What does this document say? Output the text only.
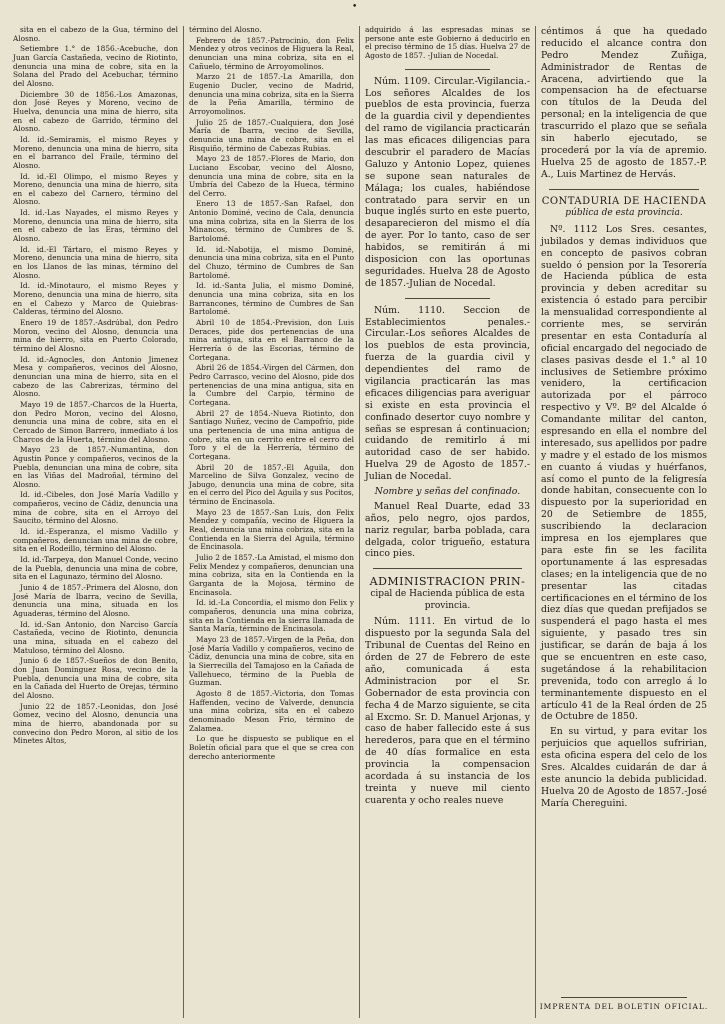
•

sita en el cabezo de la Gua, término del Alosno.

Setiembre 1.° de 1856.-Acebuche, don Juan García Castañeda, vecino de Riotinto, denuncia una mina de cobre, sita en la Solana del Prado del Acebuchar, término del Alosno.

Diciembre 30 de 1856.-Los Amazonas, don José Reyes y Moreno, vecino de Huelva, denuncia una mina de hierro, sita en el cabezo de Garrido, término del Alosno.

Id. id.-Semiramis, el mismo Reyes y Moreno, denuncia una mina de hierro, sita en el barranco del Fraile, término del Alosno.

Id. id.-El Olimpo, el mismo Reyes y Moreno, denuncia una mina de hierro, sita en el cabezo del Carnero, término del Alosno.

Id. id.-Las Nayades, el mismo Reyes y Moreno, denuncia una mina de hierro, sita en el cabezo de las Eras, término del Alosno.

Id. id.-El Tártaro, el mismo Reyes y Moreno, denuncia una mina de hierro, sita en los Llanos de las minas, término del Alosno.

Id. id.-Minotauro, el mismo Reyes y Moreno, denuncia una mina de hierro, sita en el Cabezo y Marco de Quiebras-Calderas, término del Alosno.

Enero 19 de 1857.-Asdrúbal, don Pedro Moron, vecino del Alosno, denuncia una mina de hierro, sita en Puerto Colorado, término del Alosno.

Id. id.-Agnocles, don Antonio Jimenez Mesa y compañeros, vecinos del Alosno, denuncian una mina de hierro, sita en el cabezo de las Cabrerizas, término del Alosno.

Mayo 19 de 1857.-Charcos de la Huerta, don Pedro Moron, vecino del Alosno, denuncia una mina de cobre, sita en el Cercado de Simon Barrero, inmediato á los Charcos de la Huerta, término del Alosno.

Mayo 23 de 1857.-Numantina, don Agustin Ponce y compañeros, vecinos de la Puebla, denuncian una mina de cobre, sita en las Viñas del Madroñal, término del Alosno.

Id. id.-Cibeles, don José María Vadillo y compañeros, vecino de Cádiz, denuncia una mina de cobre, sita en el Arroyo del Saucito, término del Alosno.

Id. id.-Esperanza, el mismo Vadillo y compañeros, denuncian una mina de cobre, sita en el Rodeillo, término del Alosno.

Id. id.-Tarpeya, don Manuel Conde, vecino de la Puebla, denuncia una mina de cobre, sita en el Lagunazo, término del Alosno.

Junio 4 de 1857.-Primera del Alosno, don José María de Ibarra, vecino de Sevilla, denuncia una mina, situada en los Aguaderas, término del Alosno.

Id. id.-San Antonio, don Narciso García Castañeda, vecino de Riotinto, denuncia una mina, situada en el cabezo del Matuloso, término del Alosno.

Junio 6 de 1857.-Sueños de don Benito, don Juan Dominguez Rosa, vecino de la Puebla, denuncia una mina de cobre, sita en la Cañada del Huerto de Orejas, término del Alosno.

Junio 22 de 1857.-Leonidas, don José Gomez, vecino del Alosno, denuncia una mina de hierro, abandonada por su convecino don Pedro Moron, al sitio de los Minetes Altos,

término del Alosno.

Febrero de 1857.-Patrocinio, don Felix Mendez y otros vecinos de Higuera la Real, denuncian una mina cobriza, sita en el Cañuelo, término de Arroyomolinos.

Marzo 21 de 1857.-La Amarilla, don Eugenio Ducler, vecino de Madrid, denuncia una mina cobriza, sita en la Sierra de la Peña Amarilla, término de Arroyomolinos.

Julio 25 de 1857.-Cualquiera, don José María de Ibarra, vecino de Sevilla, denuncia una mina de cobre, sita en el Risquiño, término de Cabezas Rubias.

Mayo 23 de 1857.-Flores de Mario, don Luciano Escobar, vecino del Alosno, denuncia una mina de cobre, sita en la Umbría del Cabezo de la Hueca, término del Cerro.

Enero 13 de 1857.-San Rafael, don Antonio Dominé, vecino de Cala, denuncia una mina cobriza, sita en la Sierra de los Minancos, término de Cumbres de S. Bartolomé.

Id. id.-Nabotija, el mismo Dominé, denuncia una mina cobriza, sita en el Punto del Chuzo, término de Cumbres de San Bartolomé.

Id. id.-Santa Julia, el mismo Dominé, denuncia una mina cobriza, sita en los Barrancones, término de Cumbres de San Bartolomé.

Abril 10 de 1854.-Prevision, don Luis Deraces, pide dos pertenencias de una mina antigua, sita en el Barranco de la Herrería ó de las Escorias, término de Cortegana.

Abril 26 de 1854.-Virgen del Cármen, don Pedro Carrasco, vecino del Alosno, pide dos pertenencias de una mina antigua, sita en la Cumbre del Carpio, término de Cortegana.

Abril 27 de 1854.-Nueva Riotinto, don Santiago Nuñez, vecino de Campofrío, pide una pertenencia de una mina antigua de cobre, sita en un cerrito entre el cerro del Toro y el de la Herrería, término de Cortegana.

Abril 20 de 1857.-El Aguila, don Marcelino de Silva Gonzalez, vecino de Jabugo, denuncia una mina de cobre, sita en el cerro del Pico del Aguila y sus Pocitos, término de Encinasola.

Mayo 23 de 1857.-San Luis, don Felix Mendez y compañía, vecino de Higuera la Real, denuncia una mina cobriza, sita en la Contienda en la Sierra del Aguila, término de Encinasola.

Julio 2 de 1857.-La Amistad, el mismo don Felix Mendez y compañeros, denuncian una mina cobriza, sita en la Contienda en la Garganta de la Mojosa, término de Encinasola.

Id. id.-La Concordia, el mismo don Felix y compañeros, denuncia una mina cobriza, sita en la Contienda en la sierra llamada de Santa María, término de Encinasola.

Mayo 23 de 1857.-Virgen de la Peña, don José María Vadillo y compañeros, vecino de Cádiz, denuncia una mina de cobre, sita en la Sierrecilla del Tamajoso en la Cañada de Vallehueco, término de la Puebla de Guzman.

Agosto 8 de 1857.-Victoria, don Tomas Haffenden, vecino de Valverde, denuncia una mina cobriza, sita en el cabezo denominado Meson Frio, término de Zalamea.

Lo que he dispuesto se publique en el Boletín oficial para que el que se crea con derecho anteriormente

adquirido á las espresadas minas se persone ante este Gobierno á deducirlo en el preciso término de 15 días. Huelva 27 de Agosto de 1857. -Julian de Nocedal.

Núm. 1109. Circular.-Vigilancia.-Los señores Alcaldes de los pueblos de esta provincia, fuerza de la guardia civil y dependientes del ramo de vigilancia practicarán las mas eficaces diligencias para descubrir el paradero de Macías Galuzo y Antonio Lopez, quienes se supone sean naturales de Málaga; los cuales, habiéndose contratado para servir en un buque inglés surto en este puerto, desaparecieron del mismo el día de ayer. Por lo tanto, caso de ser habidos, se remitirán á mi disposicion con las oportunas seguridades. Huelva 28 de Agosto de 1857.-Julian de Nocedal.

Núm. 1110. Seccion de Establecimientos penales.-Circular.-Los señores Alcaldes de los pueblos de esta provincia, fuerza de la guardia civil y dependientes del ramo de vigilancia practicarán las mas eficaces diligencias para averiguar si existe en esta provincia el confinado desertor cuyo nombre y señas se espresan á continuacion; cuidando de remitirlo á mi autoridad caso de ser habido. Huelva 29 de Agosto de 1857.-Julian de Nocedal.

Nombre y señas del confinado.

Manuel Real Duarte, edad 33 años, pelo negro, ojos pardos, nariz regular, barba poblada, cara delgada, color trigueño, estatura cinco pies.

ADMINISTRACION PRIN-
cipal de Hacienda pública de esta provincia.

Núm. 1111. En virtud de lo dispuesto por la segunda Sala del Tribunal de Cuentas del Reino en órden de 27 de Febrero de este año, comunicada á esta Administracion por el Sr. Gobernador de esta provincia con fecha 4 de Marzo siguiente, se cita al Excmo. Sr. D. Manuel Arjonas, y caso de haber fallecido este á sus herederos, para que en el término de 40 días formalice en esta provincia la compensacion acordada á su instancia de los treinta y nueve mil ciento cuarenta y ocho reales nueve

céntimos á que ha quedado reducido el alcance contra don Pedro Mendez Zuñiga, Administrador de Rentas de Aracena, advirtiendo que la compensacion ha de efectuarse con títulos de la Deuda del personal; en la inteligencia de que trascurrido el plazo que se señala sin haberlo ejecutado, se procederá por la vía de apremio. Huelva 25 de agosto de 1857.-P. A., Luis Martinez de Hervás.

CONTADURIA DE HACIENDA
pública de esta provincia.

Nº. 1112 Los Sres. cesantes, jubilados y demas individuos que en concepto de pasivos cobran sueldo ó pension por la Tesorería de Hacienda pública de esta provincia y deben acreditar su existencia ó estado para percibir la mensualidad correspondiente al corriente mes, se servirán presentar en esta Contaduría al oficial encargado del negociado de clases pasivas desde el 1.° al 10 inclusives de Setiembre próximo venidero, la certificacion autorizada por el párroco respectivo y Vº. Bº del Alcalde ó Comandante militar del canton, espresando en ella el nombre del interesado, sus apellidos por padre y madre y el estado de los mismos en cuanto á viudas y huérfanos, así como el punto de la feligresía donde habitan, consecuente con lo dispuesto por la superioridad en 20 de Setiembre de 1855, suscribiendo la declaracion impresa en los ejemplares que para este fin se les facilita oportunamente á las espresadas clases; en la inteligencia que de no presentar las citadas certificaciones en el término de los diez días que quedan prefijados se suspenderá el pago hasta el mes siguiente, y pasado tres sin justificar, se darán de baja á los que se encuentren en este caso, sugetándose á la rehabilitacion prevenida, todo con arreglo á lo terminantemente dispuesto en el artículo 41 de la Real órden de 25 de Octubre de 1850.

En su virtud, y para evitar los perjuicios que aquellos sufririan, esta oficina espera del celo de los Sres. Alcaldes cuidarán de dar á este anuncio la debida publicidad. Huelva 20 de Agosto de 1857.-José María Chereguini.

IMPRENTA DEL BOLETIN OFICIAL.
